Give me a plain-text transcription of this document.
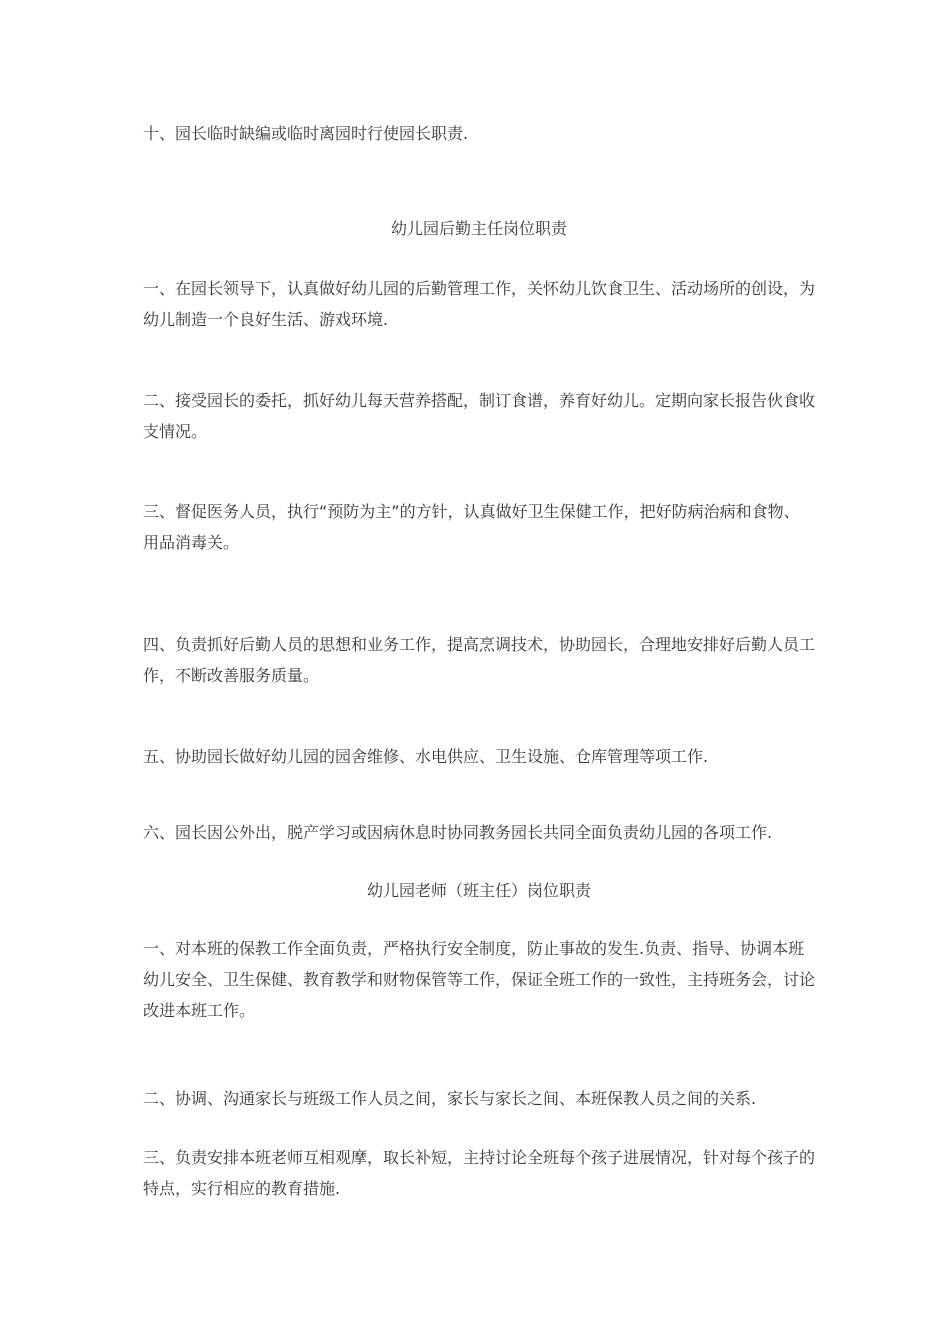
十、园长临时缺编或临时离园时行使园长职责.

幼儿园后勤主任岗位职责

一、在园长领导下，认真做好幼儿园的后勤管理工作，关怀幼儿饮食卫生、活动场所的创设，为幼儿制造一个良好生活、游戏环境.

二、接受园长的委托，抓好幼儿每天营养搭配，制订食谱，养育好幼儿。定期向家长报告伙食收支情况。

三、督促医务人员，执行“预防为主”的方针，认真做好卫生保健工作，把好防病治病和食物、用品消毒关。

四、负责抓好后勤人员的思想和业务工作，提高烹调技术，协助园长，合理地安排好后勤人员工作，不断改善服务质量。

五、协助园长做好幼儿园的园舍维修、水电供应、卫生设施、仓库管理等项工作.

六、园长因公外出，脱产学习或因病休息时协同教务园长共同全面负责幼儿园的各项工作.

幼儿园老师（班主任）岗位职责

一、对本班的保教工作全面负责，严格执行安全制度，防止事故的发生.负责、指导、协调本班幼儿安全、卫生保健、教育教学和财物保管等工作，保证全班工作的一致性，主持班务会，讨论改进本班工作。

二、协调、沟通家长与班级工作人员之间，家长与家长之间、本班保教人员之间的关系.

三、负责安排本班老师互相观摩，取长补短，主持讨论全班每个孩子进展情况，针对每个孩子的特点，实行相应的教育措施.
